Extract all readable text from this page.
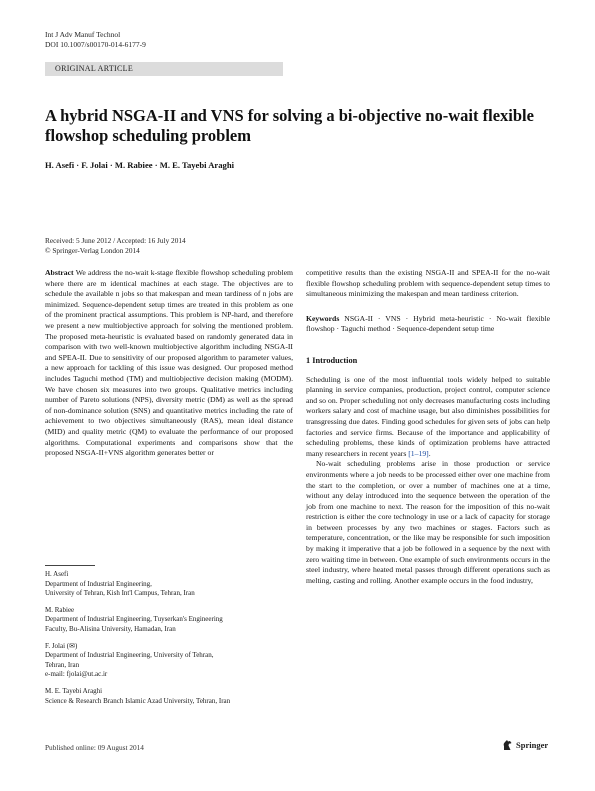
Int J Adv Manuf Technol
DOI 10.1007/s00170-014-6177-9
ORIGINAL ARTICLE
A hybrid NSGA-II and VNS for solving a bi-objective no-wait flexible flowshop scheduling problem
H. Asefi · F. Jolai · M. Rabiee · M. E. Tayebi Araghi
Received: 5 June 2012 / Accepted: 16 July 2014
© Springer-Verlag London 2014

Abstract We address the no-wait k-stage flexible flowshop scheduling problem where there are m identical machines at each stage. The objectives are to schedule the available n jobs so that makespan and mean tardiness of n jobs are minimized. Sequence-dependent setup times are treated in this problem as one of the prominent practical assumptions. This problem is NP-hard, and therefore we present a new multiobjective approach for solving the mentioned problem. The proposed meta-heuristic is evaluated based on randomly generated data in comparison with two well-known multiobjective algorithm including NSGA-II and SPEA-II. Due to sensitivity of our proposed algorithm to parameter values, a new approach for tackling of this issue was designed. Our proposed method includes Taguchi method (TM) and multiobjective decision making (MODM). We have chosen six measures into two groups. Qualitative metrics including number of Pareto solutions (NPS), diversity metric (DM) as well as the spread of non-dominance solution (SNS) and quantitative metrics including the rate of achievement to two objectives simultaneously (RAS), mean ideal distance (MID) and quality metric (QM) to evaluate the performance of our proposed algorithms. Computational experiments and comparisons show that the proposed NSGA-II+VNS algorithm generates better or

competitive results than the existing NSGA-II and SPEA-II for the no-wait flexible flowshop scheduling problem with sequence-dependent setup times to simultaneous minimizing the makespan and mean tardiness criterion.

Keywords NSGA-II · VNS · Hybrid meta-heuristic · No-wait flexible flowshop · Taguchi method · Sequence-dependent setup time

1 Introduction

Scheduling is one of the most influential tools widely helped to suitable planning in service companies, production, project control, computer science and so on. Proper scheduling not only decreases manufacturing costs including workers salary and cost of machine usage, but also diminishes possibilities for transgressing due dates. Finding good schedules for given sets of jobs can help factories and service firms. Because of the importance and applicability of scheduling problems, these kinds of optimization problems have attracted many researchers in recent years [1–19].

No-wait scheduling problems arise in those production or service environments where a job needs to be processed either over one machine from the start to the completion, or over a number of machines one at a time, without any delay introduced into the sequence between the operation of the job from one machine to next. The reason for the imposition of this no-wait restriction is either the core technology in use or a lack of capacity for storage in between processes by any two machines or stages. Factors such as temperature, concentration, or the like may be responsible for such imposition by making it imperative that a job be followed in a sequence by the next with zero waiting time in between. One example of such environments occurs in the steel industry, where heated metal passes through different operations such as melting, casting and rolling. Another example occurs in the food industry,

H. Asefi
Department of Industrial Engineering,
University of Tehran, Kish Int'l Campus, Tehran, Iran
M. Rabiee
Department of Industrial Engineering, Tuyserkan's Engineering
Faculty, Bu-Alisina University, Hamadan, Iran
F. Jolai (✉)
Department of Industrial Engineering, University of Tehran,
Tehran, Iran
e-mail: fjolai@ut.ac.ir
M. E. Tayebi Araghi
Science & Research Branch Islamic Azad University, Tehran, Iran
Published online: 09 August 2014	Springer
